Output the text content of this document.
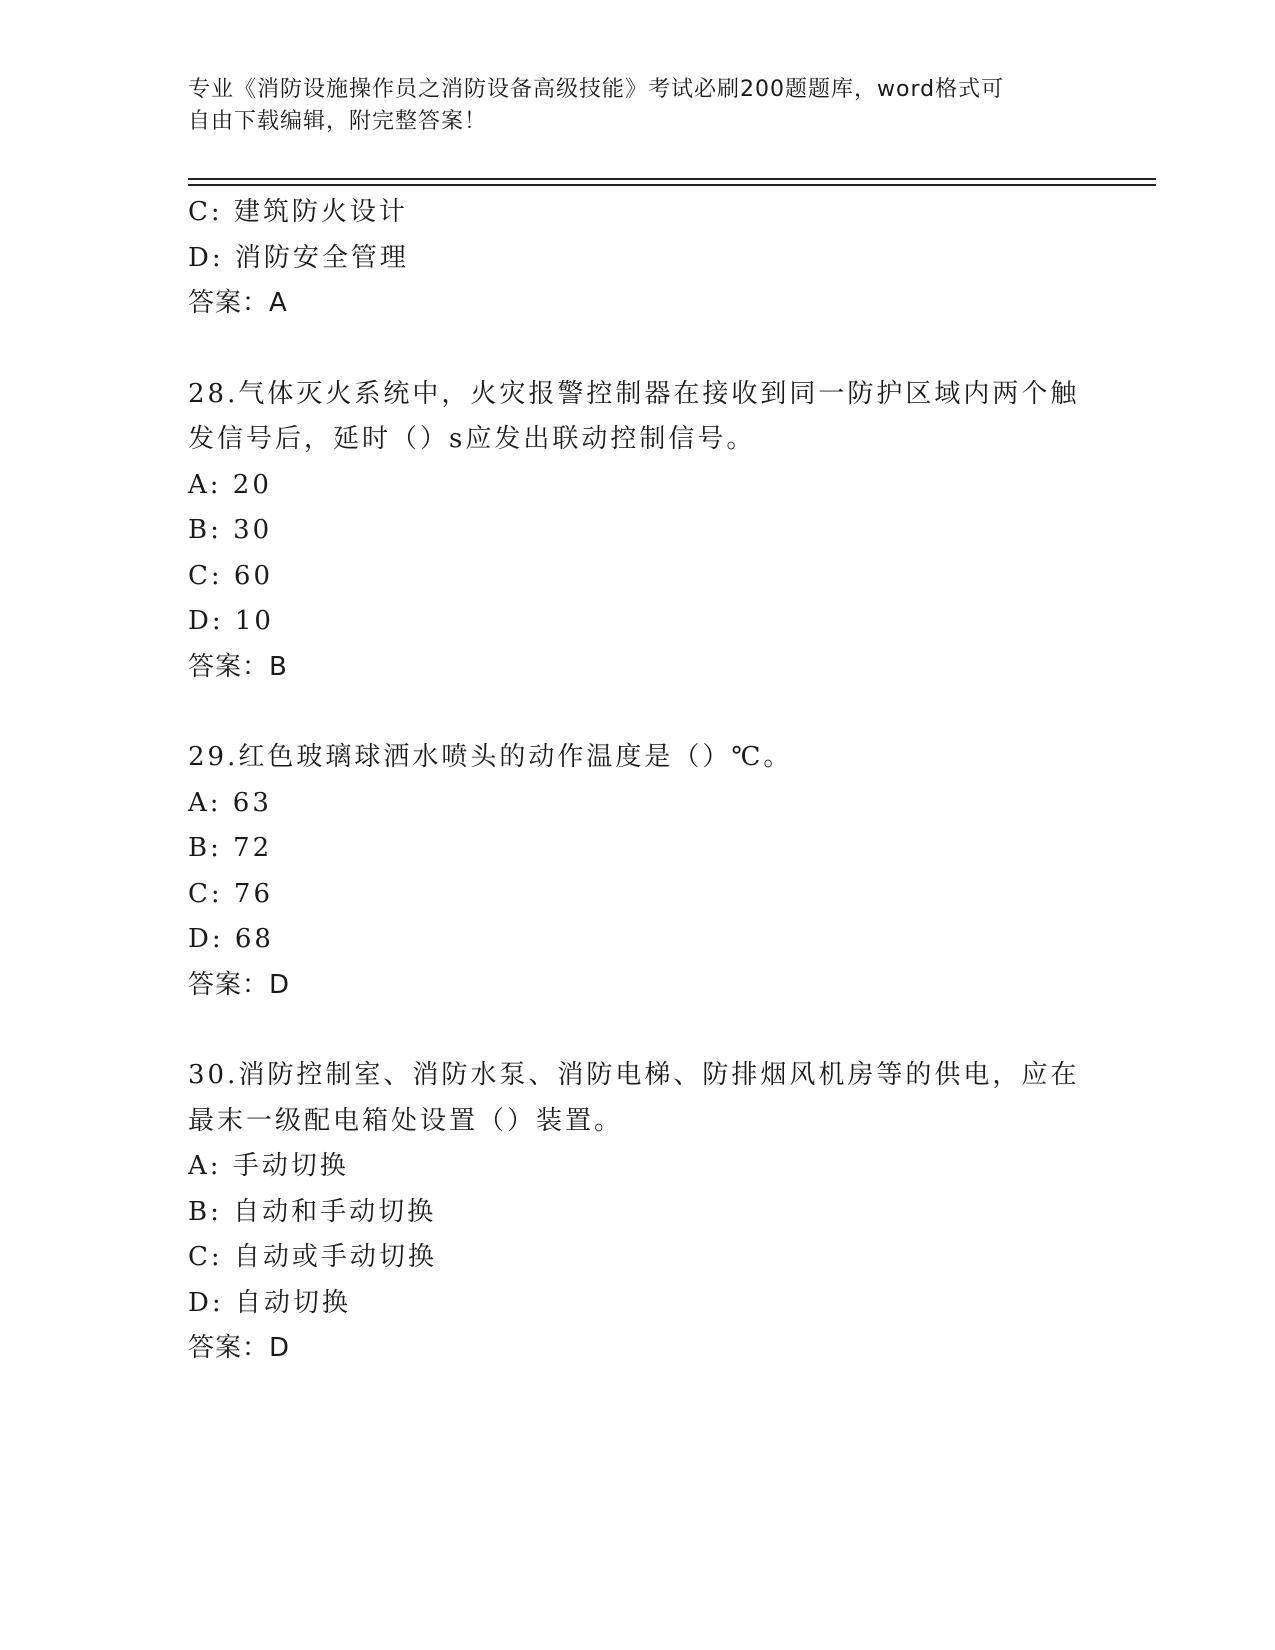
专业《消防设施操作员之消防设备高级技能》考试必刷200题题库，word格式可
自由下载编辑，附完整答案！
C: 建筑防火设计
D: 消防安全管理
答案：A
28.气体灭火系统中，火灾报警控制器在接收到同一防护区域内两个触
发信号后，延时（）s应发出联动控制信号。
A: 20
B: 30
C: 60
D: 10
答案：B
29.红色玻璃球洒水喷头的动作温度是（）℃。
A: 63
B: 72
C: 76
D: 68
答案：D
30.消防控制室、消防水泵、消防电梯、防排烟风机房等的供电，应在
最末一级配电箱处设置（）装置。
A: 手动切换
B: 自动和手动切换
C: 自动或手动切换
D: 自动切换
答案：D
